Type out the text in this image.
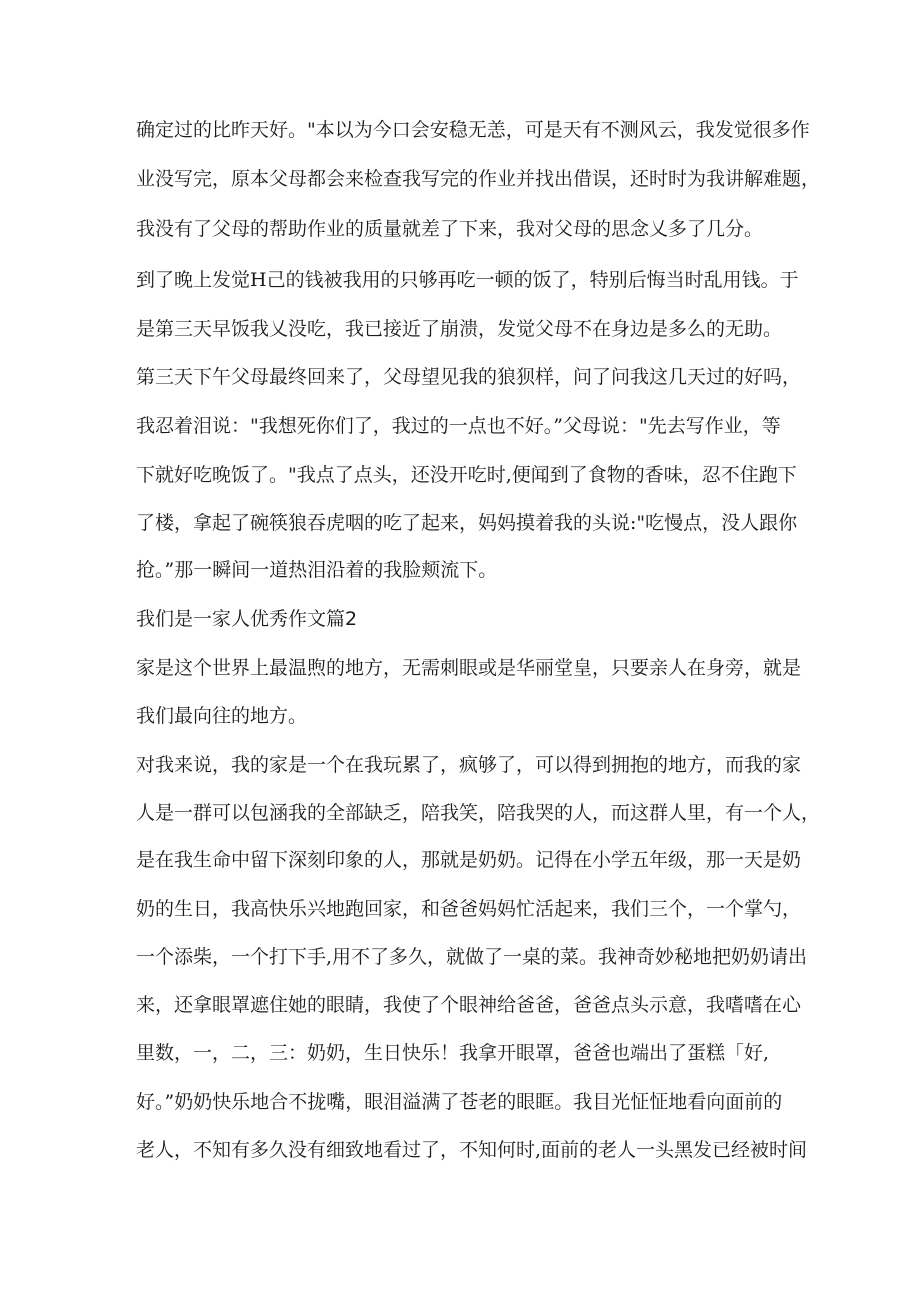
确定过的比昨天好。"本以为今口会安稳无恙，可是天有不测风云，我发觉很多作
业没写完，原本父母都会来检查我写完的作业并找出借误，还时时为我讲解难题，
我没有了父母的帮助作业的质量就差了下来，我对父母的思念乂多了几分。
到了晚上发觉H己的钱被我用的只够再吃一顿的饭了，特别后悔当时乱用钱。于
是第三天早饭我乂没吃，我已接近了崩溃，发觉父母不在身边是多么的无助。
第三天下午父母最终回来了，父母望见我的狼狈样，问了问我这几天过的好吗，
我忍着泪说："我想死你们了，我过的一点也不好。”父母说："先去写作业，等
下就好吃晚饭了。"我点了点头，还没开吃时,便闻到了食物的香味，忍不住跑下
了楼，拿起了碗筷狼吞虎咽的吃了起来，妈妈摸着我的头说:"吃慢点，没人跟你
抢。”那一瞬间一道热泪沿着的我脸颊流下。
我们是一家人优秀作文篇2
家是这个世界上最温煦的地方，无需刺眼或是华丽堂皇，只要亲人在身旁，就是
我们最向往的地方。
对我来说，我的家是一个在我玩累了，疯够了，可以得到拥抱的地方，而我的家
人是一群可以包涵我的全部缺乏，陪我笑，陪我哭的人，而这群人里，有一个人，
是在我生命中留下深刻印象的人，那就是奶奶。记得在小学五年级，那一天是奶
奶的生日，我高快乐兴地跑回家，和爸爸妈妈忙活起来，我们三个，一个掌勺，
一个添柴，一个打下手,用不了多久，就做了一桌的菜。我神奇妙秘地把奶奶请出
来，还拿眼罩遮住她的眼睛，我使了个眼神给爸爸，爸爸点头示意，我嗜嗜在心
里数，一，二，三：奶奶，生日快乐！我拿开眼罩，爸爸也端出了蛋糕「好,
好。”奶奶快乐地合不拢嘴，眼泪溢满了苍老的眼眶。我目光怔怔地看向面前的
老人，不知有多久没有细致地看过了，不知何时,面前的老人一头黑发已经被时间
